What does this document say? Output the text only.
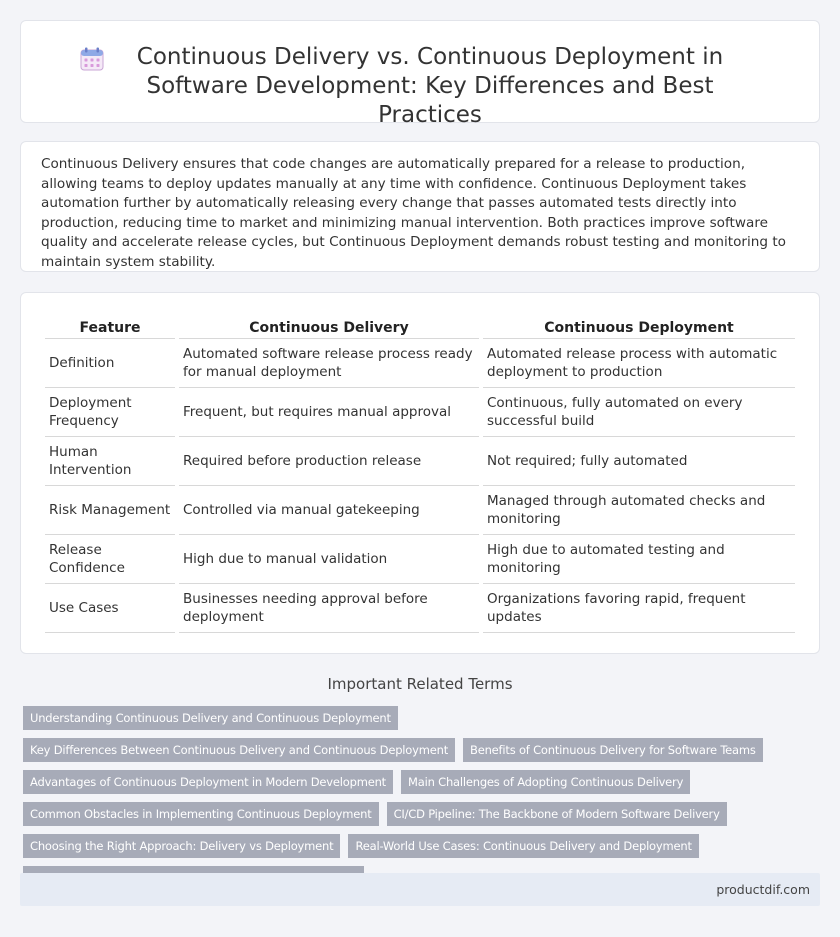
Continuous Delivery vs. Continuous Deployment in Software Development: Key Differences and Best Practices

Continuous Delivery ensures that code changes are automatically prepared for a release to production, allowing teams to deploy updates manually at any time with confidence. Continuous Deployment takes automation further by automatically releasing every change that passes automated tests directly into production, reducing time to market and minimizing manual intervention. Both practices improve software quality and accelerate release cycles, but Continuous Deployment demands robust testing and monitoring to maintain system stability.

Feature	Continuous Delivery	Continuous Deployment
Definition	Automated software release process ready for manual deployment	Automated release process with automatic deployment to production
Deployment Frequency	Frequent, but requires manual approval	Continuous, fully automated on every successful build
Human Intervention	Required before production release	Not required; fully automated
Risk Management	Controlled via manual gatekeeping	Managed through automated checks and monitoring
Release Confidence	High due to manual validation	High due to automated testing and monitoring
Use Cases	Businesses needing approval before deployment	Organizations favoring rapid, frequent updates
Important Related Terms
Understanding Continuous Delivery and Continuous Deployment
Key Differences Between Continuous Delivery and Continuous Deployment	Benefits of Continuous Delivery for Software Teams
Advantages of Continuous Deployment in Modern Development	Main Challenges of Adopting Continuous Delivery
Common Obstacles in Implementing Continuous Deployment	CI/CD Pipeline: The Backbone of Modern Software Delivery
Choosing the Right Approach: Delivery vs Deployment	Real-World Use Cases: Continuous Delivery and Deployment
productdif.com
